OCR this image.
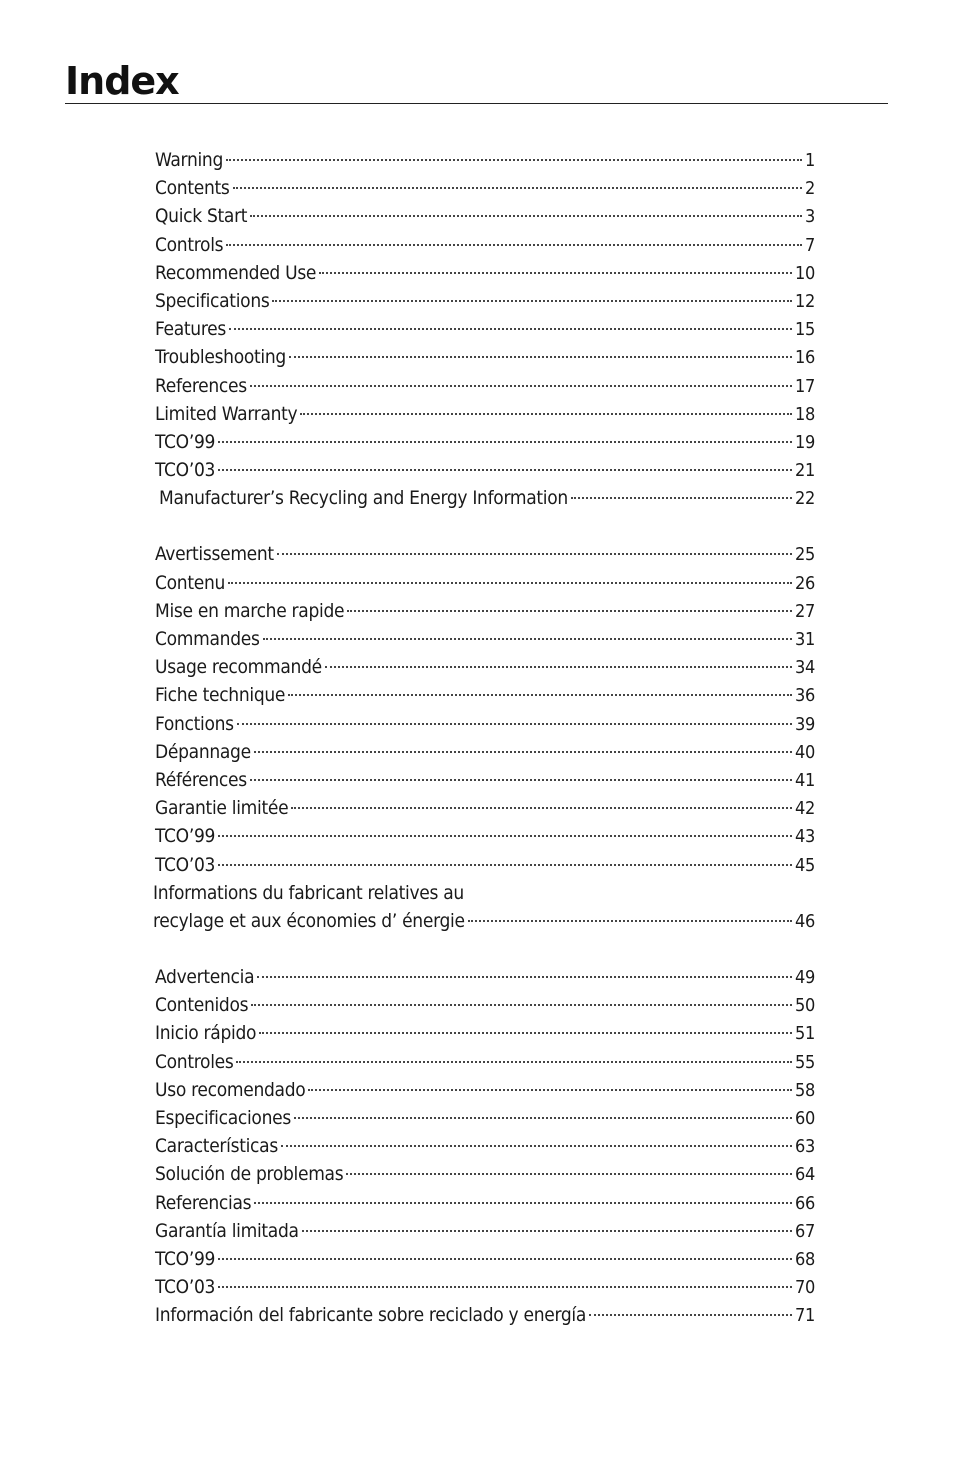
Index
Warning	1
Contents	2
Quick Start	3
Controls	7
Recommended Use	10
Specifications	12
Features	15
Troubleshooting	16
References	17
Limited Warranty	18
TCO’99	19
TCO’03	21
Manufacturer’s Recycling and Energy Information	22
Avertissement	25
Contenu	26
Mise en marche rapide	27
Commandes	31
Usage recommandé	34
Fiche technique	36
Fonctions	39
Dépannage	40
Références	41
Garantie limitée	42
TCO’99	43
TCO’03	45
Informations du fabricant relatives au
recylage et aux économies d’ énergie	46
Advertencia	49
Contenidos	50
Inicio rápido	51
Controles	55
Uso recomendado	58
Especificaciones	60
Características	63
Solución de problemas	64
Referencias	66
Garantía limitada	67
TCO’99	68
TCO’03	70
Información del fabricante sobre reciclado y energía	71
